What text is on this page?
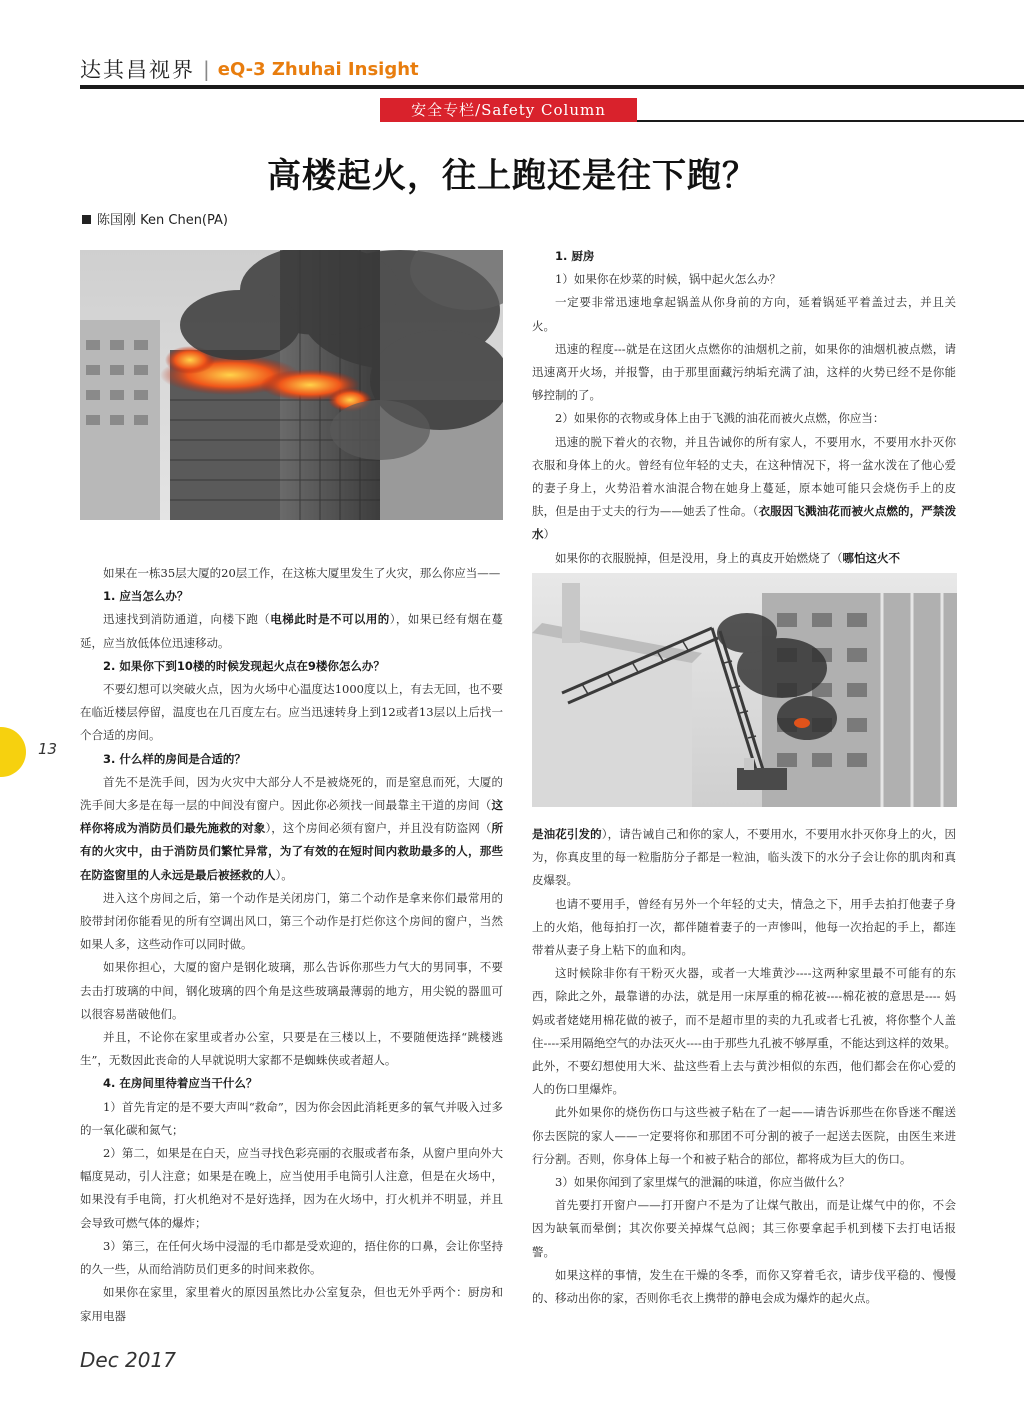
达其昌视界 | eQ-3 Zhuhai Insight
安全专栏/Safety Column
高楼起火，往上跑还是往下跑？
陈国刚 Ken Chen(PA)

如果在一栋35层大厦的20层工作，在这栋大厦里发生了火灾，那么你应当——

1. 应当怎么办？

迅速找到消防通道，向楼下跑（电梯此时是不可以用的），如果已经有烟在蔓延，应当放低体位迅速移动。

2. 如果你下到10楼的时候发现起火点在9楼你怎么办？

不要幻想可以突破火点，因为火场中心温度达1000度以上，有去无回，也不要在临近楼层停留，温度也在几百度左右。应当迅速转身上到12或者13层以上后找一个合适的房间。

3. 什么样的房间是合适的？

首先不是洗手间，因为火灾中大部分人不是被烧死的，而是窒息而死，大厦的洗手间大多是在每一层的中间没有窗户。因此你必须找一间最靠主干道的房间（这样你将成为消防员们最先施救的对象），这个房间必须有窗户，并且没有防盗网（所有的火灾中，由于消防员们繁忙异常，为了有效的在短时间内救助最多的人，那些在防盗窗里的人永远是最后被拯救的人）。

进入这个房间之后，第一个动作是关闭房门，第二个动作是拿来你们最常用的胶带封闭你能看见的所有空调出风口，第三个动作是打烂你这个房间的窗户，当然如果人多，这些动作可以同时做。

如果你担心，大厦的窗户是钢化玻璃，那么告诉你那些力气大的男同事，不要去击打玻璃的中间，钢化玻璃的四个角是这些玻璃最薄弱的地方，用尖锐的器皿可以很容易凿破他们。

并且，不论你在家里或者办公室，只要是在三楼以上，不要随便选择“跳楼逃生”，无数因此丧命的人早就说明大家都不是蜘蛛侠或者超人。

4. 在房间里待着应当干什么？

1）首先肯定的是不要大声叫“救命”，因为你会因此消耗更多的氧气并吸入过多的一氧化碳和氮气；

2）第二，如果是在白天，应当寻找色彩亮丽的衣服或者布条，从窗户里向外大幅度晃动，引人注意；如果是在晚上，应当使用手电筒引人注意，但是在火场中，如果没有手电筒，打火机绝对不是好选择，因为在火场中，打火机并不明显，并且会导致可燃气体的爆炸；

3）第三，在任何火场中浸湿的毛巾都是受欢迎的，捂住你的口鼻，会让你坚持的久一些，从而给消防员们更多的时间来救你。

如果你在家里，家里着火的原因虽然比办公室复杂，但也无外乎两个：厨房和家用电器

1. 厨房

1）如果你在炒菜的时候，锅中起火怎么办？

一定要非常迅速地拿起锅盖从你身前的方向，延着锅延平着盖过去，并且关火。

迅速的程度---就是在这团火点燃你的油烟机之前，如果你的油烟机被点燃，请迅速离开火场，并报警，由于那里面藏污纳垢充满了油，这样的火势已经不是你能够控制的了。

2）如果你的衣物或身体上由于飞溅的油花而被火点燃，你应当：

迅速的脱下着火的衣物，并且告诫你的所有家人，不要用水，不要用水扑灭你衣服和身体上的火。曾经有位年轻的丈夫，在这种情况下，将一盆水泼在了他心爱的妻子身上，火势沿着水油混合物在她身上蔓延，原本她可能只会烧伤手上的皮肤，但是由于丈夫的行为——她丢了性命。（衣服因飞溅油花而被火点燃的，严禁泼水）

如果你的衣服脱掉，但是没用，身上的真皮开始燃烧了（哪怕这火不

是油花引发的），请告诫自己和你的家人，不要用水，不要用水扑灭你身上的火，因为，你真皮里的每一粒脂肪分子都是一粒油，临头泼下的水分子会让你的肌肉和真皮爆裂。

也请不要用手，曾经有另外一个年轻的丈夫，情急之下，用手去拍打他妻子身上的火焰，他每拍打一次，都伴随着妻子的一声惨叫，他每一次抬起的手上，都连带着从妻子身上粘下的血和肉。

这时候除非你有干粉灭火器，或者一大堆黄沙----这两种家里最不可能有的东西，除此之外，最靠谱的办法，就是用一床厚重的棉花被----棉花被的意思是---- 妈妈或者姥姥用棉花做的被子，而不是超市里的卖的九孔或者七孔被，将你整个人盖住----采用隔绝空气的办法灭火----由于那些九孔被不够厚重，不能达到这样的效果。此外，不要幻想使用大米、盐这些看上去与黄沙相似的东西，他们都会在你心爱的人的伤口里爆炸。

此外如果你的烧伤伤口与这些被子粘在了一起——请告诉那些在你昏迷不醒送你去医院的家人——一定要将你和那团不可分割的被子一起送去医院，由医生来进行分割。否则，你身体上每一个和被子粘合的部位，都将成为巨大的伤口。

3）如果你闻到了家里煤气的泄漏的味道，你应当做什么？

首先要打开窗户——打开窗户不是为了让煤气散出，而是让煤气中的你，不会因为缺氧而晕倒；其次你要关掉煤气总阀；其三你要拿起手机到楼下去打电话报警。

如果这样的事情，发生在干燥的冬季，而你又穿着毛衣，请步伐平稳的、慢慢的、移动出你的家，否则你毛衣上携带的静电会成为爆炸的起火点。

13
Dec 2017
